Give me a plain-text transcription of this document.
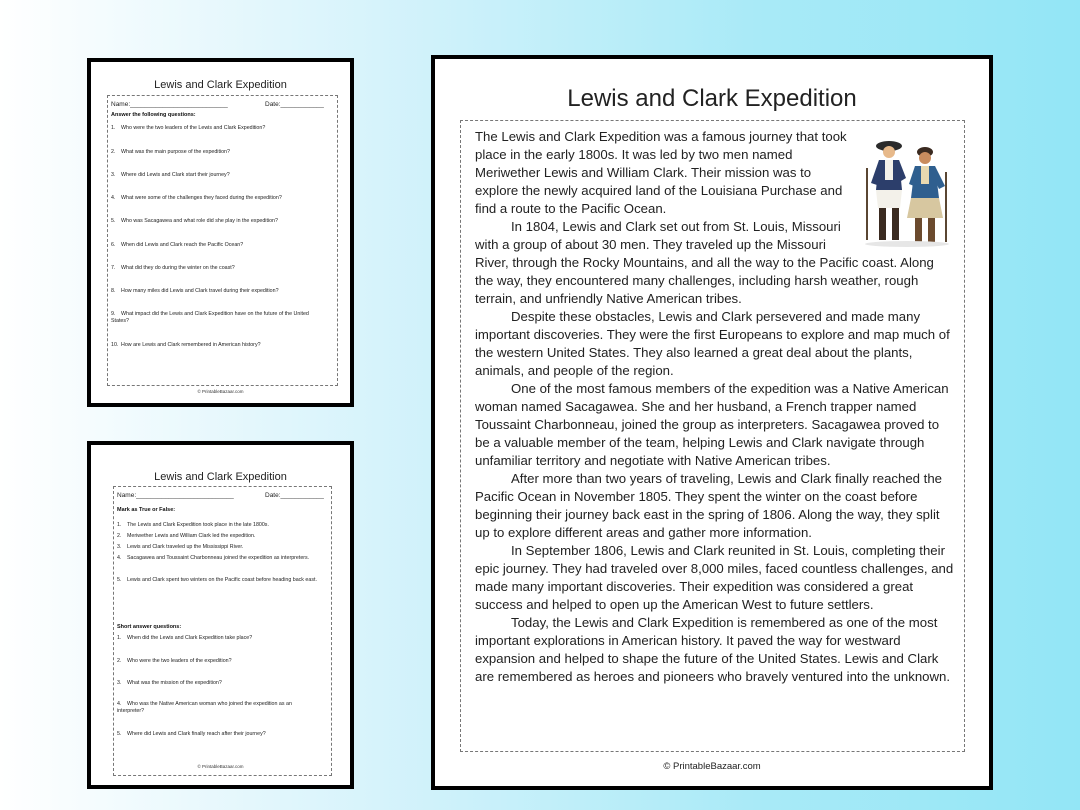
Lewis and Clark Expedition
Name:___________________________	Date:____________
Answer the following questions:
1. Who were the two leaders of the Lewis and Clark Expedition?
2. What was the main purpose of the expedition?
3. Where did Lewis and Clark start their journey?
4. What were some of the challenges they faced during the expedition?
5. Who was Sacagawea and what role did she play in the expedition?
6. When did Lewis and Clark reach the Pacific Ocean?
7. What did they do during the winter on the coast?
8. How many miles did Lewis and Clark travel during their expedition?
9. What impact did the Lewis and Clark Expedition have on the future of the United States?
10. How are Lewis and Clark remembered in American history?
© PrintableBazaar.com
Lewis and Clark Expedition
Name:___________________________	Date:____________
Mark as True or False:
1. The Lewis and Clark Expedition took place in the late 1800s.
2. Meriwether Lewis and William Clark led the expedition.
3. Lewis and Clark traveled up the Mississippi River.
4. Sacagawea and Toussaint Charbonneau joined the expedition as interpreters.
5. Lewis and Clark spent two winters on the Pacific coast before heading back east.
Short answer questions:
1. When did the Lewis and Clark Expedition take place?
2. Who were the two leaders of the expedition?
3. What was the mission of the expedition?
4. Who was the Native American woman who joined the expedition as an interpreter?
5. Where did Lewis and Clark finally reach after their journey?
© PrintableBazaar.com
Lewis and Clark Expedition

The Lewis and Clark Expedition was a famous journey that took place in the early 1800s. It was led by two men named Meriwether Lewis and William Clark. Their mission was to explore the newly acquired land of the Louisiana Purchase and find a route to the Pacific Ocean.

In 1804, Lewis and Clark set out from St. Louis, Missouri with a group of about 30 men. They traveled up the Missouri River, through the Rocky Mountains, and all the way to the Pacific coast. Along the way, they encountered many challenges, including harsh weather, rough terrain, and unfriendly Native American tribes.

Despite these obstacles, Lewis and Clark persevered and made many important discoveries. They were the first Europeans to explore and map much of the western United States. They also learned a great deal about the plants, animals, and people of the region.

One of the most famous members of the expedition was a Native American woman named Sacagawea. She and her husband, a French trapper named Toussaint Charbonneau, joined the group as interpreters. Sacagawea proved to be a valuable member of the team, helping Lewis and Clark navigate through unfamiliar territory and negotiate with Native American tribes.

After more than two years of traveling, Lewis and Clark finally reached the Pacific Ocean in November 1805. They spent the winter on the coast before beginning their journey back east in the spring of 1806. Along the way, they split up to explore different areas and gather more information.

In September 1806, Lewis and Clark reunited in St. Louis, completing their epic journey. They had traveled over 8,000 miles, faced countless challenges, and made many important discoveries. Their expedition was considered a great success and helped to open up the American West to future settlers.

Today, the Lewis and Clark Expedition is remembered as one of the most important explorations in American history. It paved the way for westward expansion and helped to shape the future of the United States. Lewis and Clark are remembered as heroes and pioneers who bravely ventured into the unknown.

© PrintableBazaar.com
